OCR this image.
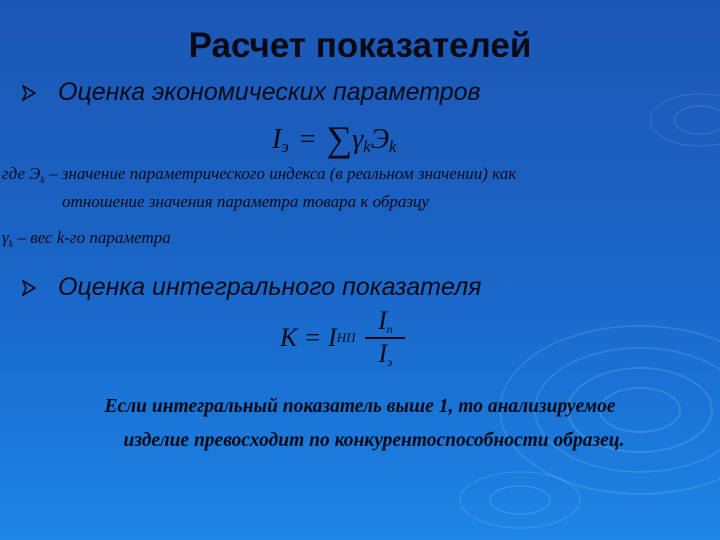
Расчет показателей
Оценка экономических параметров
$I_э = \sum\gamma_kЭ_k$
где $Э_k$ – значение параметрического индекса (в реальном значении) как
отношение значения параметра товара к образцу
$\gamma_k$ – вес k-го параметра
Оценка интегрального показателя
K = I НП
$I_n$
$I_э$
Если интегральный показатель выше 1, то анализируемое
изделие превосходит по конкурентоспособности образец.
